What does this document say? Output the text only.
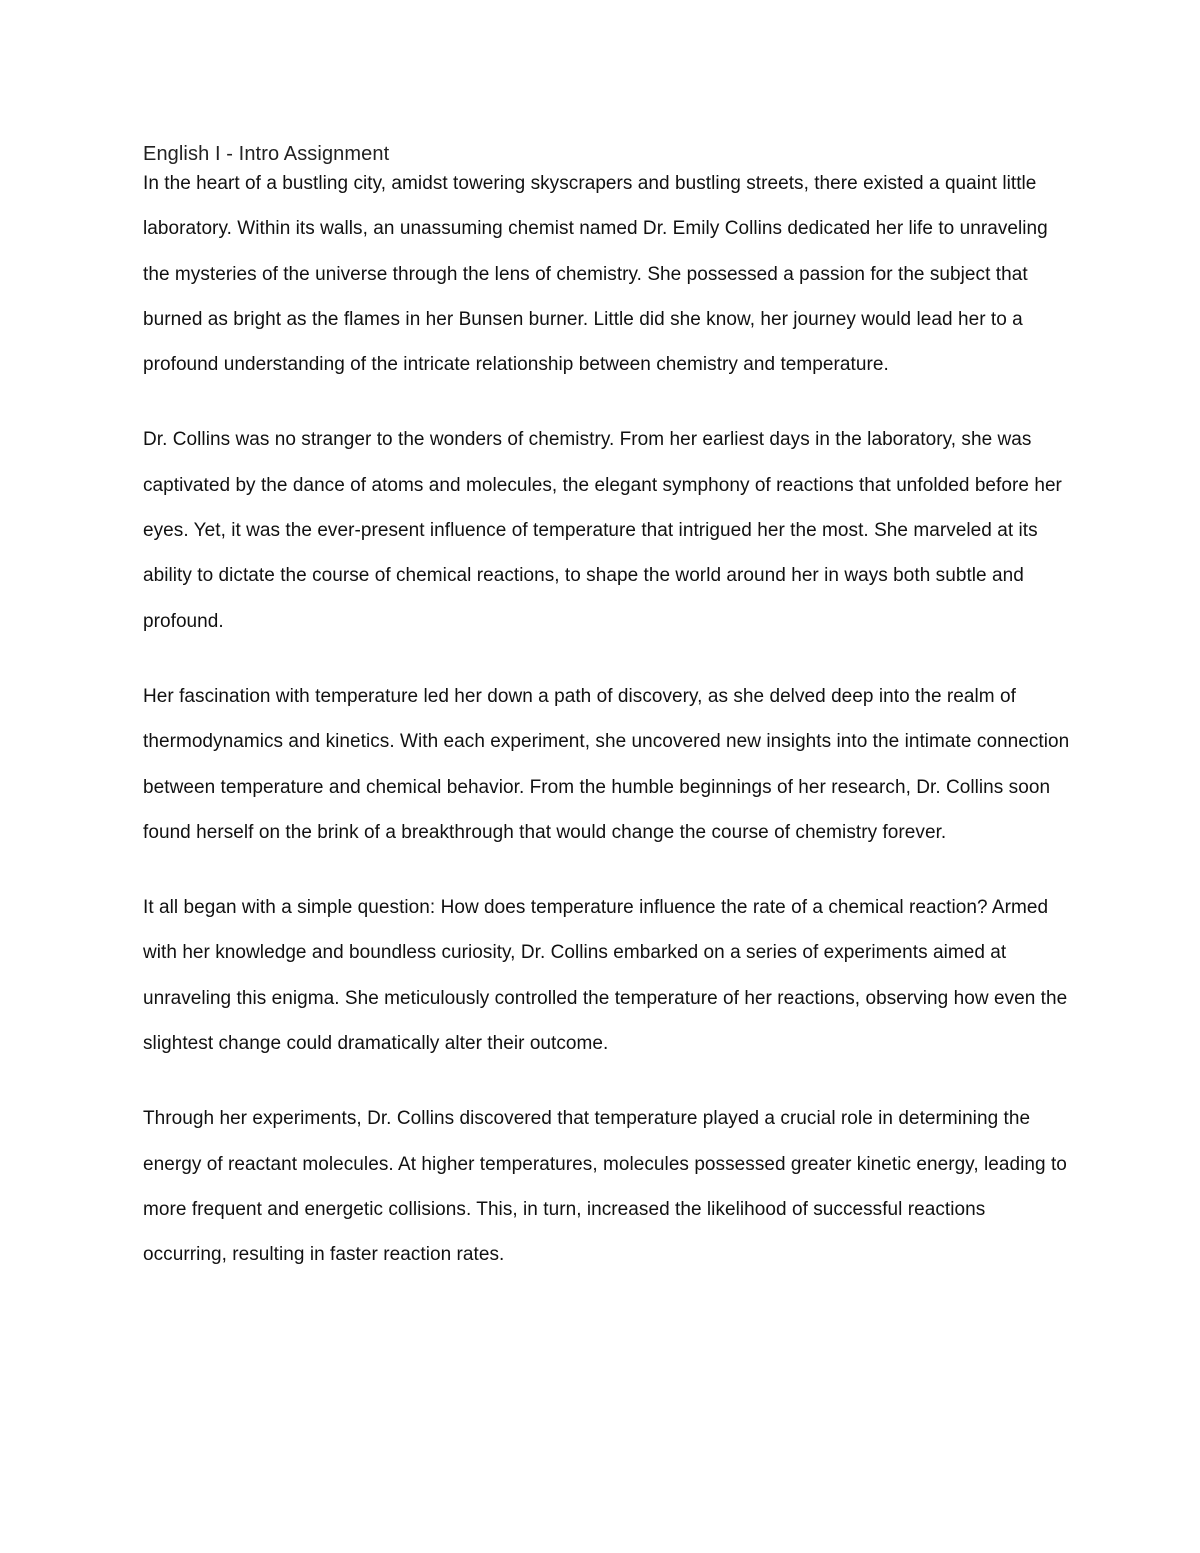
English I - Intro Assignment

In the heart of a bustling city, amidst towering skyscrapers and bustling streets, there existed a quaint little laboratory. Within its walls, an unassuming chemist named Dr. Emily Collins dedicated her life to unraveling the mysteries of the universe through the lens of chemistry. She possessed a passion for the subject that burned as bright as the flames in her Bunsen burner. Little did she know, her journey would lead her to a profound understanding of the intricate relationship between chemistry and temperature.

Dr. Collins was no stranger to the wonders of chemistry. From her earliest days in the laboratory, she was captivated by the dance of atoms and molecules, the elegant symphony of reactions that unfolded before her eyes. Yet, it was the ever-present influence of temperature that intrigued her the most. She marveled at its ability to dictate the course of chemical reactions, to shape the world around her in ways both subtle and profound.

Her fascination with temperature led her down a path of discovery, as she delved deep into the realm of thermodynamics and kinetics. With each experiment, she uncovered new insights into the intimate connection between temperature and chemical behavior. From the humble beginnings of her research, Dr. Collins soon found herself on the brink of a breakthrough that would change the course of chemistry forever.

It all began with a simple question: How does temperature influence the rate of a chemical reaction? Armed with her knowledge and boundless curiosity, Dr. Collins embarked on a series of experiments aimed at unraveling this enigma. She meticulously controlled the temperature of her reactions, observing how even the slightest change could dramatically alter their outcome.

Through her experiments, Dr. Collins discovered that temperature played a crucial role in determining the energy of reactant molecules. At higher temperatures, molecules possessed greater kinetic energy, leading to more frequent and energetic collisions. This, in turn, increased the likelihood of successful reactions occurring, resulting in faster reaction rates.
